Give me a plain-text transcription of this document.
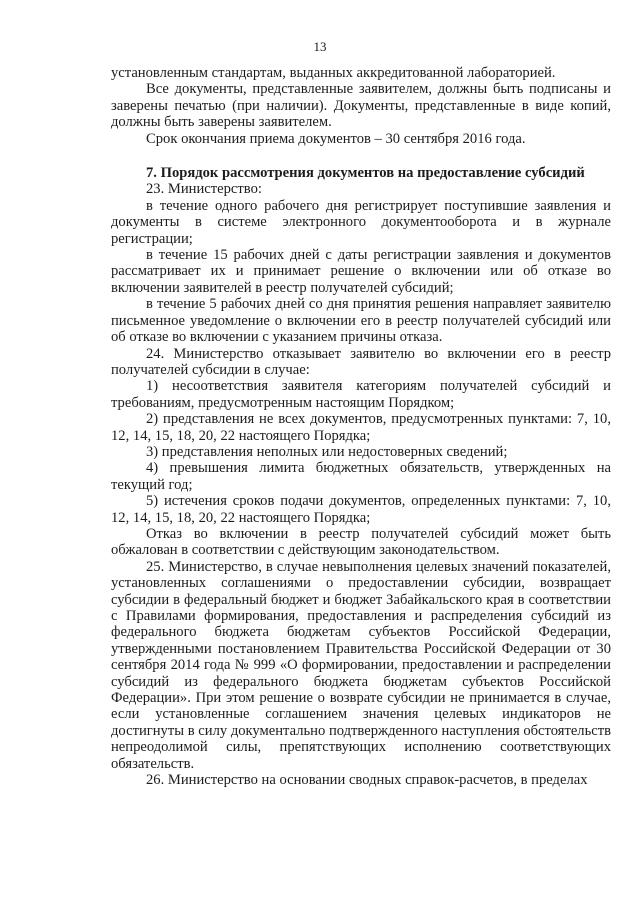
13

установленным стандартам, выданных аккредитованной лабораторией.

Все документы, представленные заявителем, должны быть подписаны и заверены печатью (при наличии). Документы, представленные в виде копий, должны быть заверены заявителем.

Срок окончания приема документов – 30 сентября 2016 года.

7. Порядок рассмотрения документов на предоставление субсидий

23. Министерство:

в течение одного рабочего дня регистрирует поступившие заявления и документы в системе электронного документооборота и в журнале регистрации;

в течение 15 рабочих дней с даты регистрации заявления и документов рассматривает их и принимает решение о включении или об отказе во включении заявителей в реестр получателей субсидий;

в течение 5 рабочих дней со дня принятия решения направляет заявителю письменное уведомление о включении его в реестр получателей субсидий или об отказе во включении с указанием причины отказа.

24. Министерство отказывает заявителю во включении его в реестр получателей субсидии в случае:

1) несоответствия заявителя категориям получателей субсидий и требованиям, предусмотренным настоящим Порядком;

2) представления не всех документов, предусмотренных пунктами: 7, 10, 12, 14, 15, 18, 20, 22 настоящего Порядка;

3) представления неполных или недостоверных сведений;

4) превышения лимита бюджетных обязательств, утвержденных на текущий год;

5) истечения сроков подачи документов, определенных пунктами: 7, 10, 12, 14, 15, 18, 20, 22 настоящего Порядка;

Отказ во включении в реестр получателей субсидий может быть обжалован в соответствии с действующим законодательством.

25. Министерство, в случае невыполнения целевых значений показателей, установленных соглашениями о предоставлении субсидии, возвращает субсидии в федеральный бюджет и бюджет Забайкальского края в соответствии с Правилами формирования, предоставления и распределения субсидий из федерального бюджета бюджетам субъектов Российской Федерации, утвержденными постановлением Правительства Российской Федерации от 30 сентября 2014 года № 999 «О формировании, предоставлении и распределении субсидий из федерального бюджета бюджетам субъектов Российской Федерации». При этом решение о возврате субсидии не принимается в случае, если установленные соглашением значения целевых индикаторов не достигнуты в силу документально подтвержденного наступления обстоятельств непреодолимой силы, препятствующих исполнению соответствующих обязательств.

26. Министерство на основании сводных справок-расчетов, в пределах
